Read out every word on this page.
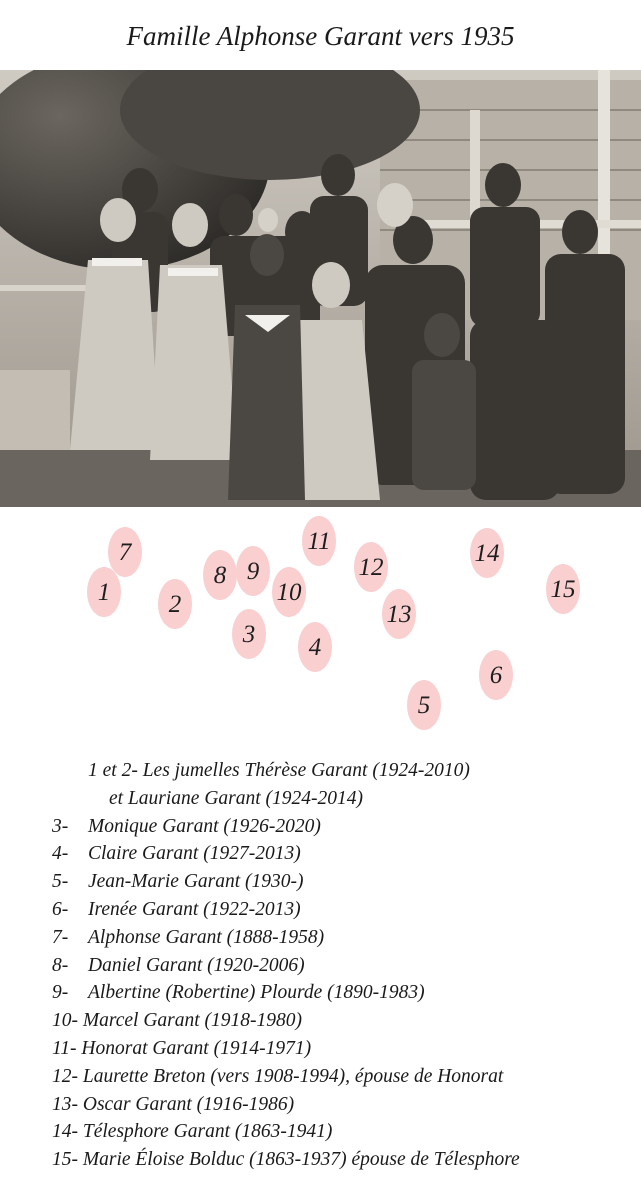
Famille Alphonse Garant vers 1935
7
1 2
8 9
3
10
11
4
12
13
14
15
6
5
1 et 2- Les jumelles Thérèse Garant (1924-2010)
et Lauriane Garant (1924-2014)
3- Monique Garant (1926-2020)
4- Claire Garant (1927-2013)
5- Jean-Marie Garant (1930-)
6- Irenée Garant (1922-2013)
7- Alphonse Garant (1888-1958)
8- Daniel Garant (1920-2006)
9- Albertine (Robertine) Plourde (1890-1983)
10- Marcel Garant (1918-1980)
11- Honorat Garant (1914-1971)
12- Laurette Breton (vers 1908-1994), épouse de Honorat
13- Oscar Garant (1916-1986)
14- Télesphore Garant (1863-1941)
15- Marie Éloise Bolduc (1863-1937) épouse de Télesphore
